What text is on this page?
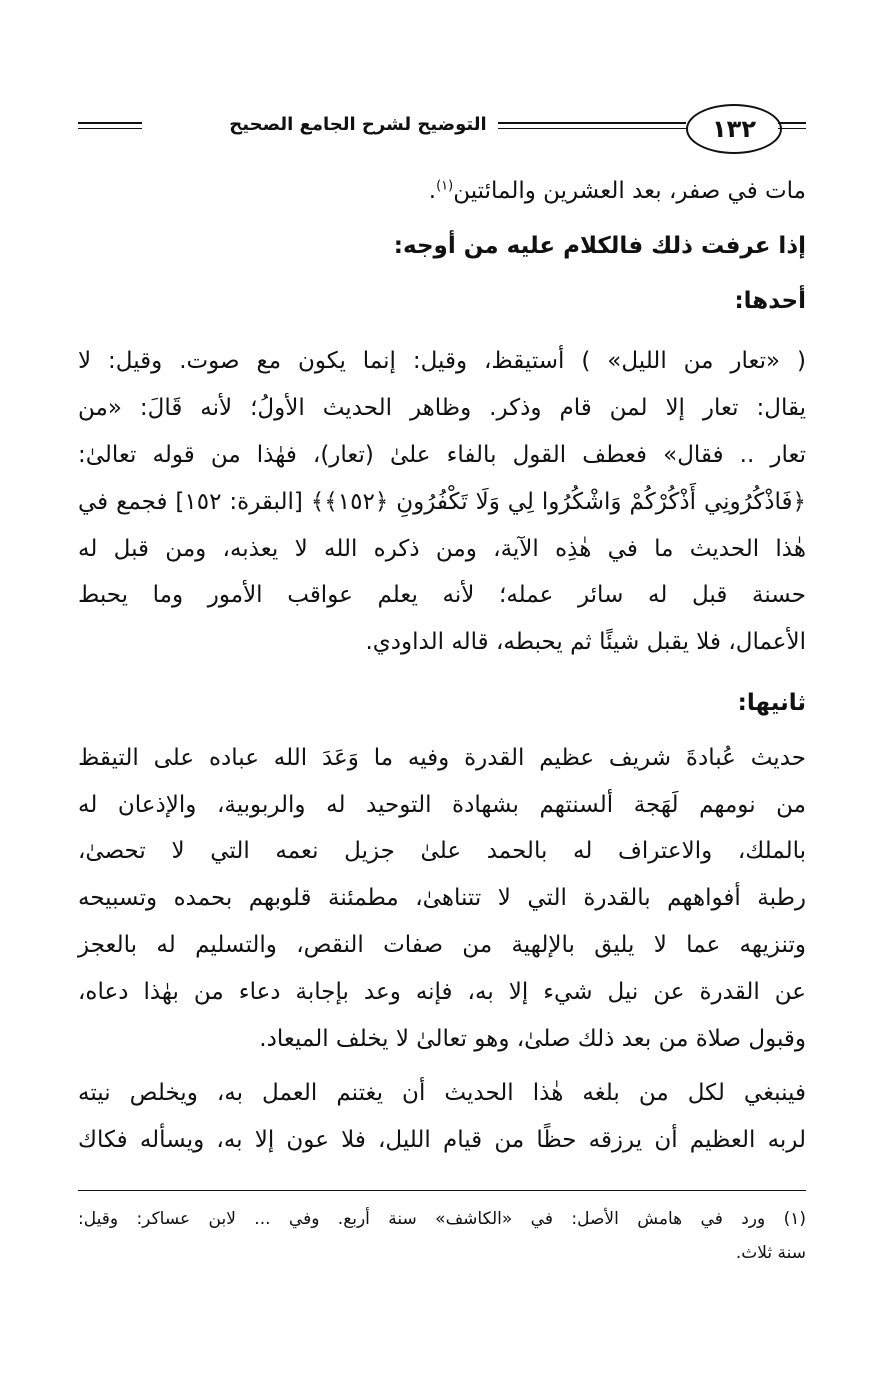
التوضيح لشرح الجامع الصحيح	١٣٢

مات في صفر، بعد العشرين والمائتين$^{(١)}$.

إذا عرفت ذلك فالكلام عليه من أوجه:

أحدها:

( «تعار من الليل» ) أستيقظ، وقيل: إنما يكون مع صوت. وقيل: لا

يقال: تعار إلا لمن قام وذكر. وظاهر الحديث الأولُ؛ لأنه قَالَ: «من

تعار .. فقال» فعطف القول بالفاء علىٰ (تعار)، فهٰذا من قوله تعالىٰ:

﴿فَاذْكُرُونِي أَذْكُرْكُمْ وَاشْكُرُوا لِي وَلَا تَكْفُرُونِ ﴿١٥٢﴾﴾ [البقرة: ١٥٢] فجمع في

هٰذا الحديث ما في هٰذِه الآية، ومن ذكره الله لا يعذبه، ومن قبل له

حسنة قبل له سائر عمله؛ لأنه يعلم عواقب الأمور وما يحبط

الأعمال، فلا يقبل شيئًا ثم يحبطه، قاله الداودي.

ثانيها:

حديث عُبادةَ شريف عظيم القدرة وفيه ما وَعَدَ الله عباده على التيقظ

من نومهم لَهَجة ألسنتهم بشهادة التوحيد له والربوبية، والإذعان له

بالملك، والاعتراف له بالحمد علىٰ جزيل نعمه التي لا تحصىٰ،

رطبة أفواههم بالقدرة التي لا تتناهىٰ، مطمئنة قلوبهم بحمده وتسبيحه

وتنزيهه عما لا يليق بالإلهية من صفات النقص، والتسليم له بالعجز

عن القدرة عن نيل شيء إلا به، فإنه وعد بإجابة دعاء من بهٰذا دعاه،

وقبول صلاة من بعد ذلك صلىٰ، وهو تعالىٰ لا يخلف الميعاد.

فينبغي لكل من بلغه هٰذا الحديث أن يغتنم العمل به، ويخلص نيته

لربه العظيم أن يرزقه حظًا من قيام الليل، فلا عون إلا به، ويسأله فكاك

(١) ورد في هامش الأصل: في «الكاشف» سنة أربع. وفي ... لابن عساكر: وقيل:

سنة ثلاث.
